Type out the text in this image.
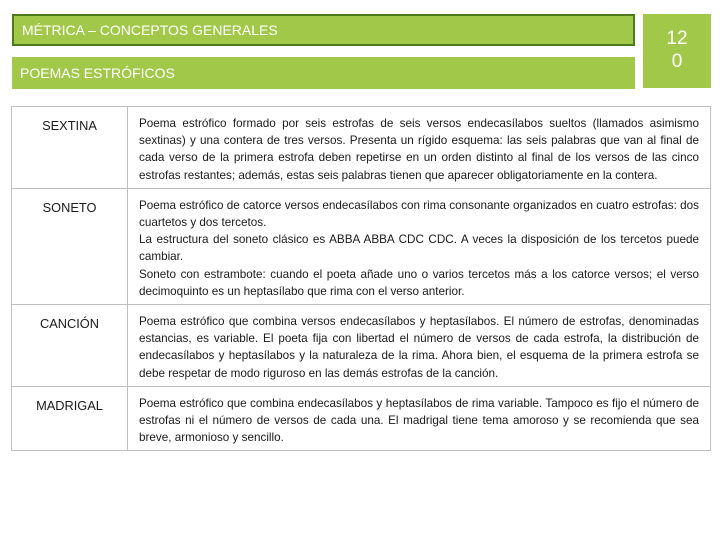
MÉTRICA – CONCEPTOS GENERALES
POEMAS ESTRÓFICOS
12
0
SEXTINA	Poema estrófico formado por seis estrofas de seis versos endecasílabos sueltos (llamados asimismo sextinas) y una contera de tres versos. Presenta un rígido esquema: las seis palabras que van al final de cada verso de la primera estrofa deben repetirse en un orden distinto al final de los versos de las cinco estrofas restantes; además, estas seis palabras tienen que aparecer obligatoriamente en la contera.

SONETO	Poema estrófico de catorce versos endecasílabos con rima consonante organizados en cuatro estrofas: dos cuartetos y dos tercetos.
La estructura del soneto clásico es ABBA ABBA CDC CDC. A veces la disposición de los tercetos puede cambiar.
Soneto con estrambote: cuando el poeta añade uno o varios tercetos más a los catorce versos; el verso decimoquinto es un heptasílabo que rima con el verso anterior.

CANCIÓN	Poema estrófico que combina versos endecasílabos y heptasílabos. El número de estrofas, denominadas estancias, es variable. El poeta fija con libertad el número de versos de cada estrofa, la distribución de endecasílabos y heptasílabos y la naturaleza de la rima. Ahora bien, el esquema de la primera estrofa se debe respetar de modo riguroso en las demás estrofas de la canción.

MADRIGAL	Poema estrófico que combina endecasílabos y heptasílabos de rima variable. Tampoco es fijo el número de estrofas ni el número de versos de cada una. El madrigal tiene tema amoroso y se recomienda que sea breve, armonioso y sencillo.
